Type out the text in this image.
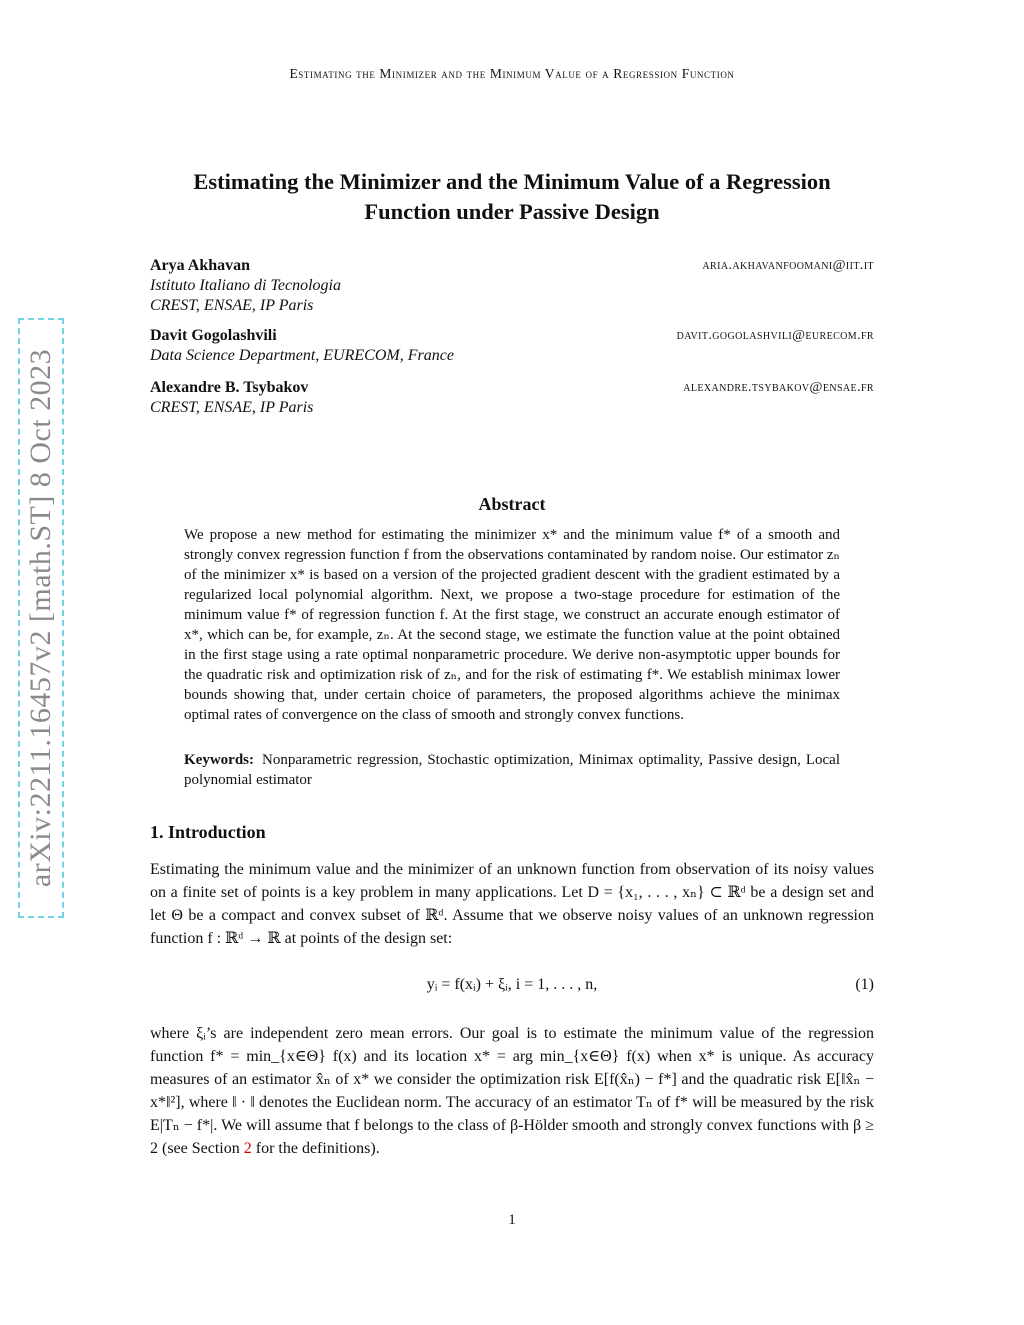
Estimating the Minimizer and the Minimum Value of a Regression Function
arXiv:2211.16457v2 [math.ST] 8 Oct 2023
Estimating the Minimizer and the Minimum Value of a Regression Function under Passive Design
Arya Akhavan	aria.akhavanfoomani@iit.it
Istituto Italiano di Tecnologia
CREST, ENSAE, IP Paris
Davit Gogolashvili	davit.gogolashvili@eurecom.fr
Data Science Department, EURECOM, France
Alexandre B. Tsybakov	alexandre.tsybakov@ensae.fr
CREST, ENSAE, IP Paris
Abstract
We propose a new method for estimating the minimizer x* and the minimum value f* of a smooth and strongly convex regression function f from the observations contaminated by random noise. Our estimator zₙ of the minimizer x* is based on a version of the projected gradient descent with the gradient estimated by a regularized local polynomial algorithm. Next, we propose a two-stage procedure for estimation of the minimum value f* of regression function f. At the first stage, we construct an accurate enough estimator of x*, which can be, for example, zₙ. At the second stage, we estimate the function value at the point obtained in the first stage using a rate optimal nonparametric procedure. We derive non-asymptotic upper bounds for the quadratic risk and optimization risk of zₙ, and for the risk of estimating f*. We establish minimax lower bounds showing that, under certain choice of parameters, the proposed algorithms achieve the minimax optimal rates of convergence on the class of smooth and strongly convex functions.
Keywords: Nonparametric regression, Stochastic optimization, Minimax optimality, Passive design, Local polynomial estimator
1. Introduction
Estimating the minimum value and the minimizer of an unknown function from observation of its noisy values on a finite set of points is a key problem in many applications. Let D = {x₁, . . . , xₙ} ⊂ ℝᵈ be a design set and let Θ be a compact and convex subset of ℝᵈ. Assume that we observe noisy values of an unknown regression function f : ℝᵈ → ℝ at points of the design set:
yᵢ = f(xᵢ) + ξᵢ, i = 1, . . . , n,	(1)
where ξᵢ’s are independent zero mean errors. Our goal is to estimate the minimum value of the regression function f* = min_{x∈Θ} f(x) and its location x* = arg min_{x∈Θ} f(x) when x* is unique. As accuracy measures of an estimator x̂ₙ of x* we consider the optimization risk E[f(x̂ₙ) − f*] and the quadratic risk E[‖x̂ₙ − x*‖²], where ‖ · ‖ denotes the Euclidean norm. The accuracy of an estimator Tₙ of f* will be measured by the risk E|Tₙ − f*|. We will assume that f belongs to the class of β-Hölder smooth and strongly convex functions with β ≥ 2 (see Section 2 for the definitions).
1
